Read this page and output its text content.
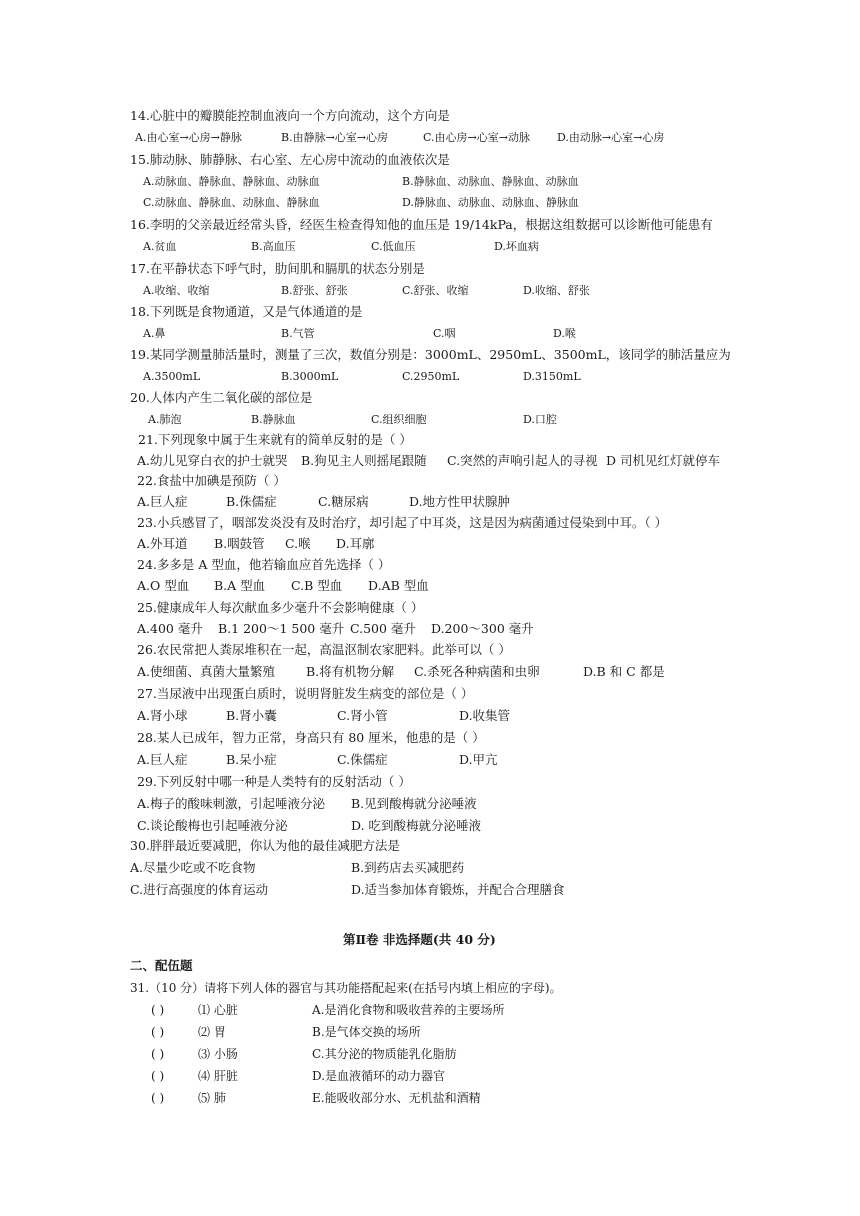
14.心脏中的瓣膜能控制血液向一个方向流动，这个方向是
A.由心室→心房→静脉	B.由静脉→心室→心房	C.由心房→心室→动脉 D.由动脉→心室→心房
15.肺动脉、肺静脉、右心室、左心房中流动的血液依次是
A.动脉血、静脉血、静脉血、动脉血	B.静脉血、动脉血、静脉血、动脉血
C.动脉血、静脉血、动脉血、静脉血	D.静脉血、动脉血、动脉血、静脉血
16.李明的父亲最近经常头昏，经医生检查得知他的血压是 19/14kPa，根据这组数据可以诊断他可能患有
A.贫血	B.高血压	C.低血压	D.坏血病
17.在平静状态下呼气时，肋间肌和膈肌的状态分别是
A.收缩、收缩	B.舒张、舒张	C.舒张、收缩	D.收缩、舒张
18.下列既是食物通道，又是气体通道的是
A.鼻	B.气管	C.咽	D.喉
19.某同学测量肺活量时，测量了三次，数值分别是：3000mL、2950mL、3500mL，该同学的肺活量应为
A.3500mL	B.3000mL	C.2950mL	D.3150mL
20.人体内产生二氧化碳的部位是
A.肺泡	B.静脉血	C.组织细胞	D.口腔
21.下列现象中属于生来就有的简单反射的是（ ）
A.幼儿见穿白衣的护士就哭 B.狗见主人则摇尾跟随 C.突然的声响引起人的寻视 D 司机见红灯就停车
22.食盐中加碘是预防（ ）
A.巨人症	B.侏儒症	C.糖尿病	D.地方性甲状腺肿
23.小兵感冒了，咽部发炎没有及时治疗，却引起了中耳炎，这是因为病菌通过侵染到中耳。（ ）
A.外耳道 B.咽鼓管 C.喉 D.耳廓
24.多多是 A 型血，他若输血应首先选择（ ）
A.O 型血 B.A 型血 C.B 型血 D.AB 型血
25.健康成年人每次献血多少毫升不会影响健康（ ）
A.400 毫升 B.1 200～1 500 毫升 C.500 毫升 D.200～300 毫升
26.农民常把人粪尿堆积在一起，高温沤制农家肥料。此举可以（ ）
A.使细菌、真菌大量繁殖 B.将有机物分解 C.杀死各种病菌和虫卵	D.B 和 C 都是
27.当尿液中出现蛋白质时，说明肾脏发生病变的部位是（ ）
A.肾小球	B.肾小囊	C.肾小管	D.收集管
28.某人已成年，智力正常，身高只有 80 厘米，他患的是（ ）
A.巨人症	B.呆小症	C.侏儒症	D.甲亢
29.下列反射中哪一种是人类特有的反射活动（ ）
A.梅子的酸味刺激，引起唾液分泌 B.见到酸梅就分泌唾液
C.谈论酸梅也引起唾液分泌	D. 吃到酸梅就分泌唾液
30.胖胖最近要减肥，你认为他的最佳减肥方法是
A.尽量少吃或不吃食物	B.到药店去买减肥药
C.进行高强度的体育运动	D.适当参加体育锻炼，并配合合理膳食
第Ⅱ卷 非选择题(共 40 分)
二、配伍题
31.（10 分）请将下列人体的器官与其功能搭配起来(在括号内填上相应的字母)。
( )	⑴ 心脏	A.是消化食物和吸收营养的主要场所
( )	⑵ 胃	B.是气体交换的场所
( )	⑶ 小肠	C.其分泌的物质能乳化脂肪
( )	⑷ 肝脏	D.是血液循环的动力器官
( )	⑸ 肺	E.能吸收部分水、无机盐和酒精
